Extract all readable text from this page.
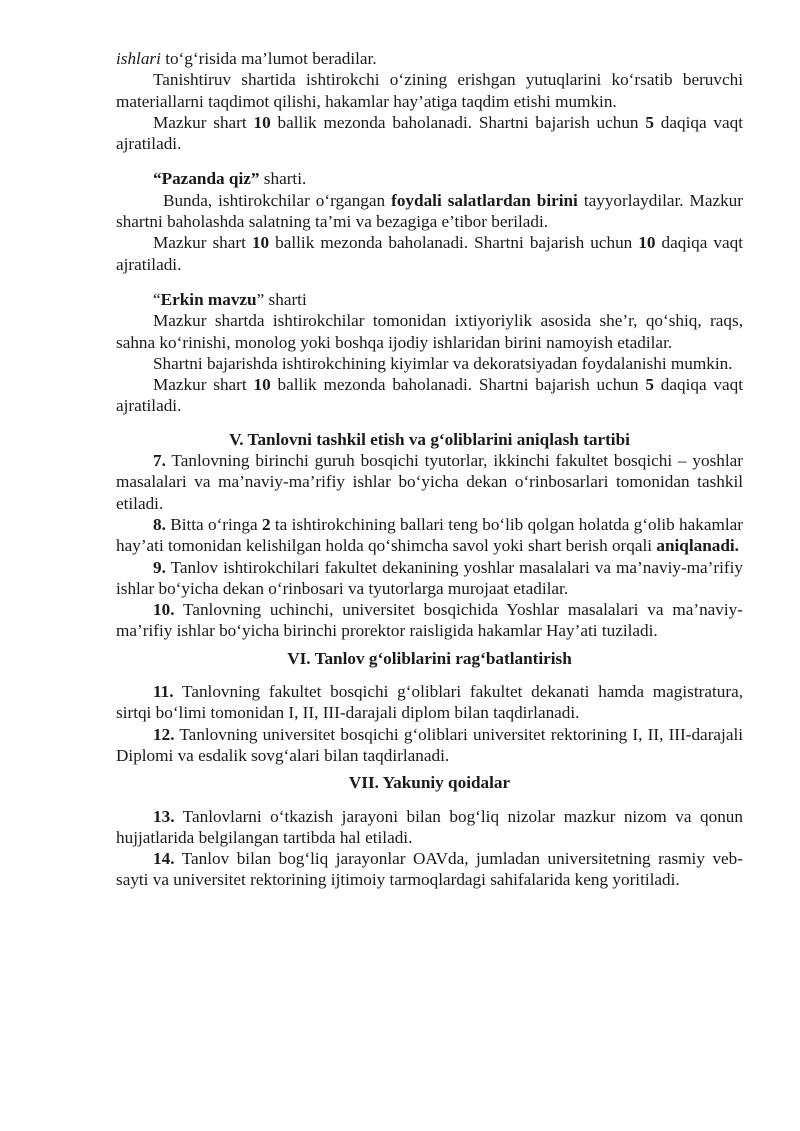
ishlari to‘g‘risida ma’lumot beradilar.

Tanishtiruv shartida ishtirokchi o‘zining erishgan yutuqlarini ko‘rsatib beruvchi materiallarni taqdimot qilishi, hakamlar hay’atiga taqdim etishi mumkin.

Mazkur shart 10 ballik mezonda baholanadi. Shartni bajarish uchun 5 daqiqa vaqt ajratiladi.

“Pazanda qiz” sharti.

Bunda, ishtirokchilar o‘rgangan foydali salatlardan birini tayyorlaydilar. Mazkur shartni baholashda salatning ta’mi va bezagiga e’tibor beriladi.

Mazkur shart 10 ballik mezonda baholanadi. Shartni bajarish uchun 10 daqiqa vaqt ajratiladi.

“Erkin mavzu” sharti

Mazkur shartda ishtirokchilar tomonidan ixtiyoriylik asosida she’r, qo‘shiq, raqs, sahna ko‘rinishi, monolog yoki boshqa ijodiy ishlaridan birini namoyish etadilar.

Shartni bajarishda ishtirokchining kiyimlar va dekoratsiyadan foydalanishi mumkin.

Mazkur shart 10 ballik mezonda baholanadi. Shartni bajarish uchun 5 daqiqa vaqt ajratiladi.

V. Tanlovni tashkil etish va g‘oliblarini aniqlash tartibi

7. Tanlovning birinchi guruh bosqichi tyutorlar, ikkinchi fakultet bosqichi – yoshlar masalalari va ma’naviy-ma’rifiy ishlar bo‘yicha dekan o‘rinbosarlari tomonidan tashkil etiladi.

8. Bitta o‘ringa 2 ta ishtirokchining ballari teng bo‘lib qolgan holatda g‘olib hakamlar hay’ati tomonidan kelishilgan holda qo‘shimcha savol yoki shart berish orqali aniqlanadi.

9. Tanlov ishtirokchilari fakultet dekanining yoshlar masalalari va ma’naviy-ma’rifiy ishlar bo‘yicha dekan o‘rinbosari va tyutorlarga murojaat etadilar.

10. Tanlovning uchinchi, universitet bosqichida Yoshlar masalalari va ma’naviy-ma’rifiy ishlar bo‘yicha birinchi prorektor raisligida hakamlar Hay’ati tuziladi.

VI. Tanlov g‘oliblarini rag‘batlantirish

11. Tanlovning fakultet bosqichi g‘oliblari fakultet dekanati hamda magistratura, sirtqi bo‘limi tomonidan I, II, III-darajali diplom bilan taqdirlanadi.

12. Tanlovning universitet bosqichi g‘oliblari universitet rektorining I, II, III-darajali Diplomi va esdalik sovg‘alari bilan taqdirlanadi.

VII. Yakuniy qoidalar

13. Tanlovlarni o‘tkazish jarayoni bilan bog‘liq nizolar mazkur nizom va qonun hujjatlarida belgilangan tartibda hal etiladi.

14. Tanlov bilan bog‘liq jarayonlar OAVda, jumladan universitetning rasmiy veb-sayti va universitet rektorining ijtimoiy tarmoqlardagi sahifalarida keng yoritiladi.
